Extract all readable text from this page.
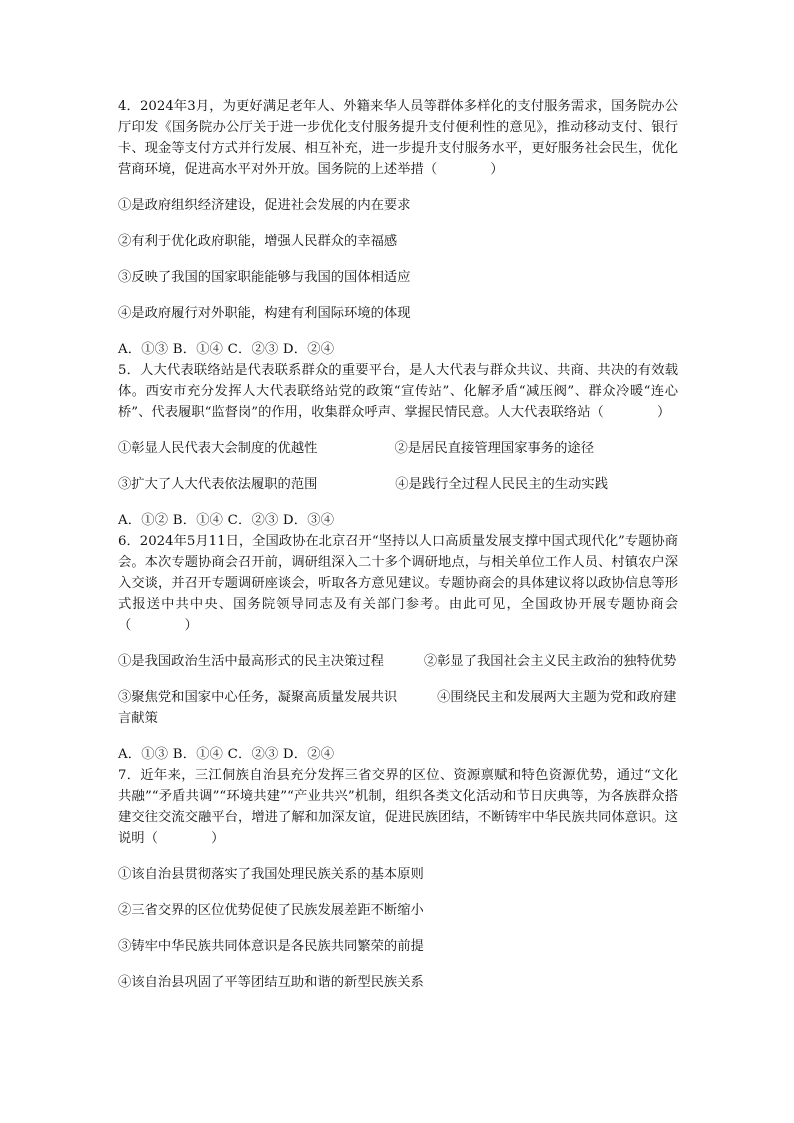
4．2024年3月，为更好满足老年人、外籍来华人员等群体多样化的支付服务需求，国务院办公厅印发《国务院办公厅关于进一步优化支付服务提升支付便利性的意见》，推动移动支付、银行卡、现金等支付方式并行发展、相互补充，进一步提升支付服务水平，更好服务社会民生，优化营商环境，促进高水平对外开放。国务院的上述举措（　　　　）

①是政府组织经济建设，促进社会发展的内在要求

②有利于优化政府职能，增强人民群众的幸福感

③反映了我国的国家职能能够与我国的国体相适应

④是政府履行对外职能，构建有利国际环境的体现

A．①③ B．①④ C．②③ D．②④

5．人大代表联络站是代表联系群众的重要平台，是人大代表与群众共议、共商、共决的有效载体。西安市充分发挥人大代表联络站党的政策“宣传站”、化解矛盾“减压阀”、群众冷暖“连心桥”、代表履职“监督岗”的作用，收集群众呼声、掌握民情民意。人大代表联络站（　　　　）

①彰显人民代表大会制度的优越性	②是居民直接管理国家事务的途径
③扩大了人大代表依法履职的范围	④是践行全过程人民民主的生动实践

A．①② B．①④ C．②③ D．③④

6．2024年5月11日，全国政协在北京召开“坚持以人口高质量发展支撑中国式现代化”专题协商会。本次专题协商会召开前，调研组深入二十多个调研地点，与相关单位工作人员、村镇农户深入交谈，并召开专题调研座谈会，听取各方意见建议。专题协商会的具体建议将以政协信息等形式报送中共中央、国务院领导同志及有关部门参考。由此可见，全国政协开展专题协商会（　　　　）

①是我国政治生活中最高形式的民主决策过程　　　②彰显了我国社会主义民主政治的独特优势

③聚焦党和国家中心任务，凝聚高质量发展共识　　　④围绕民主和发展两大主题为党和政府建言献策

A．①③ B．①④ C．②③ D．②④

7．近年来，三江侗族自治县充分发挥三省交界的区位、资源禀赋和特色资源优势，通过“文化共融”“矛盾共调”“环境共建”“产业共兴”机制，组织各类文化活动和节日庆典等，为各族群众搭建交往交流交融平台，增进了解和加深友谊，促进民族团结，不断铸牢中华民族共同体意识。这说明（　　　　）

①该自治县贯彻落实了我国处理民族关系的基本原则

②三省交界的区位优势促使了民族发展差距不断缩小

③铸牢中华民族共同体意识是各民族共同繁荣的前提

④该自治县巩固了平等团结互助和谐的新型民族关系
